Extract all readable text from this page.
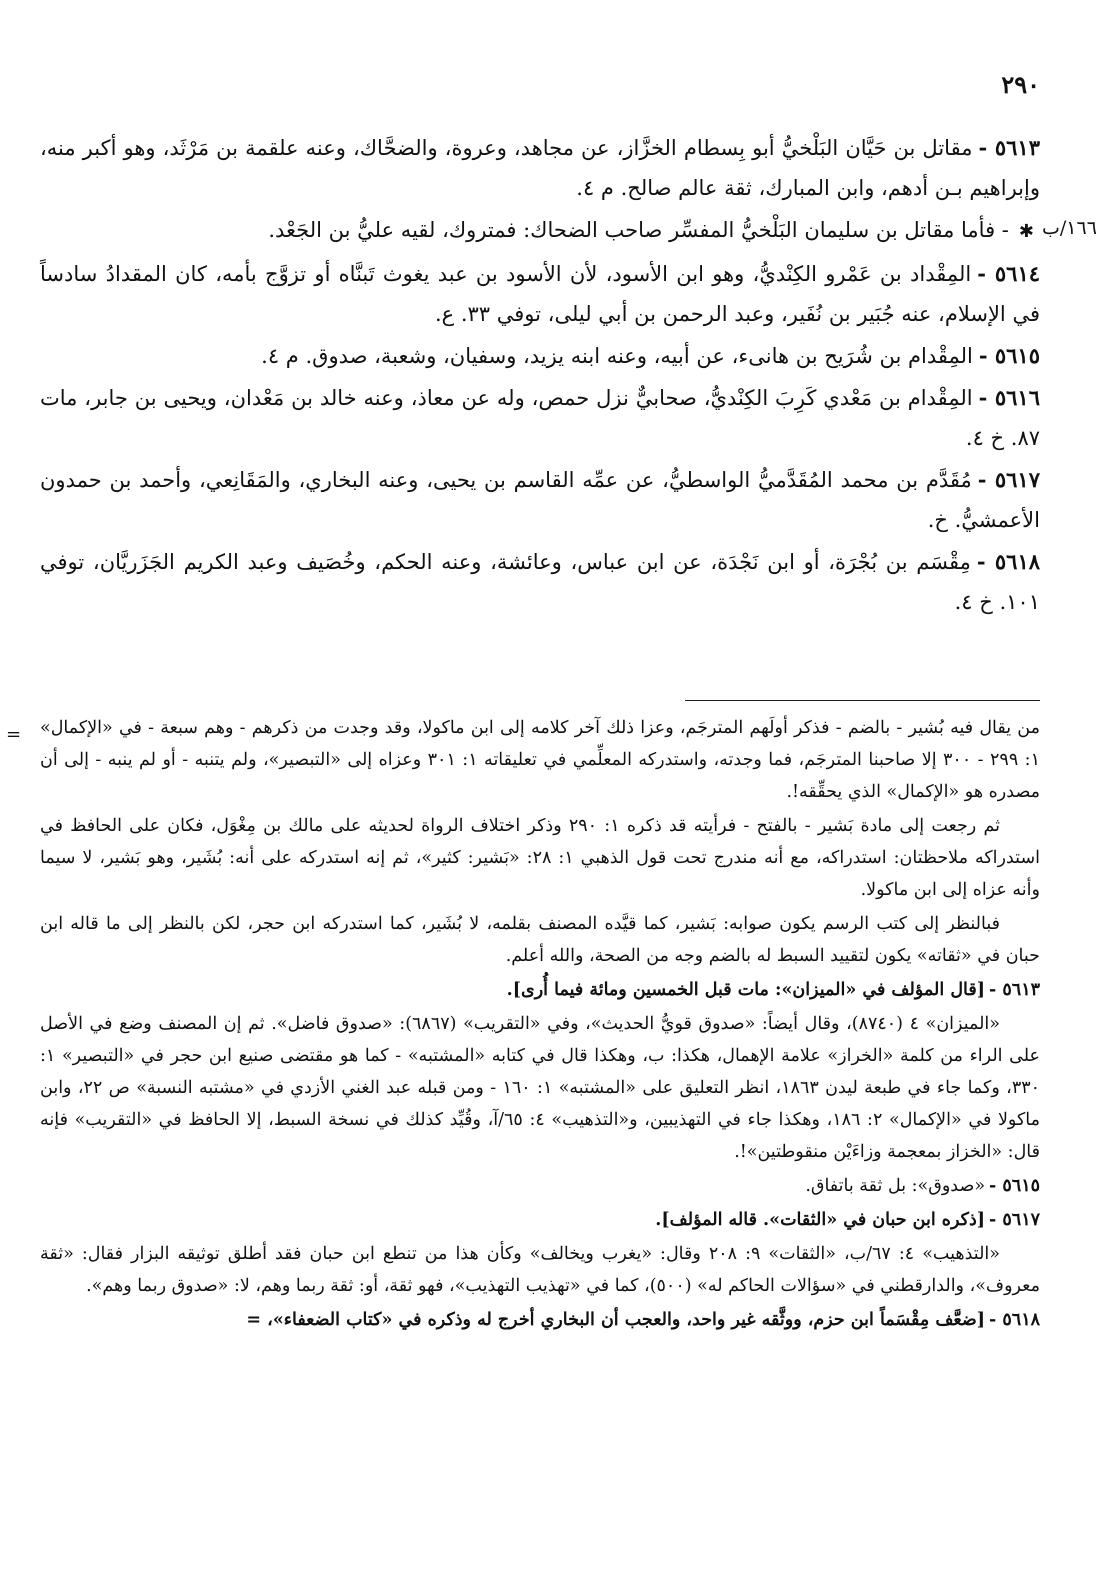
٢٩٠

٥٦١٣ -مقاتل بن حَيَّان البَلْخيُّ أبو بِسطام الخزَّاز، عن مجاهد، وعروة، والضحَّاك، وعنه علقمة بن مَرْثَد، وهو أكبر منه، وإبراهيم بـن أدهم، وابن المبارك، ثقة عالم صالح. م ٤.

✱- فأما مقاتل بن سليمان البَلْخيُّ المفسِّر صاحب الضحاك: فمتروك، لقيه عليُّ بن الجَعْد.

٥٦١٤ -المِقْداد بن عَمْرو الكِنْديُّ، وهو ابن الأسود، لأن الأسود بن عبد يغوث تَبنَّاه أو تزوَّج بأمه، كان المقدادُ سادساً في الإسلام، عنه جُبَير بن نُفَير، وعبد الرحمن بن أبي ليلى، توفي ٣٣. ع.

٥٦١٥ -المِقْدام بن شُرَيح بن هانىء، عن أبيه، وعنه ابنه يزيد، وسفيان، وشعبة، صدوق. م ٤.

٥٦١٦ -المِقْدام بن مَعْدي كَرِبَ الكِنْديُّ، صحابيٌّ نزل حمص، وله عن معاذ، وعنه خالد بن مَعْدان، ويحيى بن جابر، مات ٨٧. خ ٤.

٥٦١٧ -مُقَدَّم بن محمد المُقَدَّميُّ الواسطيُّ، عن عمِّه القاسم بن يحيى، وعنه البخاري، والمَقَانِعي، وأحمد بن حمدون الأعمشيُّ. خ.

٥٦١٨ -مِقْسَم بن بُجْرَة، أو ابن نَجْدَة، عن ابن عباس، وعائشة، وعنه الحكم، وخُصَيف وعبد الكريم الجَزَريَّان، توفي ١٠١. خ ٤.

من يقال فيه بُشير - بالضم - فذكر أولَهم المترجَم، وعزا ذلك آخر كلامه إلى ابن ماكولا، وقد وجدت من ذكرهم - وهم سبعة - في «الإكمال» ١: ٢٩٩ - ٣٠٠ إلا صاحبنا المترجَم، فما وجدته، واستدركه المعلِّمي في تعليقاته ١: ٣٠١ وعزاه إلى «التبصير»، ولم يتنبه - أو لم ينبه - إلى أن مصدره هو «الإكمال» الذي يحقِّقه!.

ثم رجعت إلى مادة بَشير - بالفتح - فرأيته قد ذكره ١: ٢٩٠ وذكر اختلاف الرواة لحديثه على مالك بن مِغْوَل، فكان على الحافظ في استدراكه ملاحظتان: استدراكه، مع أنه مندرج تحت قول الذهبي ١: ٢٨: «بَشير: كثير»، ثم إنه استدركه على أنه: بُشَير، وهو بَشير، لا سيما وأنه عزاه إلى ابن ماكولا.

فبالنظر إلى كتب الرسم يكون صوابه: بَشير، كما قيَّده المصنف بقلمه، لا بُشَير، كما استدركه ابن حجر، لكن بالنظر إلى ما قاله ابن حبان في «ثقاته» يكون لتقييد السبط له بالضم وجه من الصحة، والله أعلم.

٥٦١٣ -[قال المؤلف في «الميزان»: مات قبل الخمسين ومائة فيما أُرى].

«الميزان» ٤ (٨٧٤٠)، وقال أيضاً: «صدوق قويُّ الحديث»، وفي «التقريب» (٦٨٦٧): «صدوق فاضل». ثم إن المصنف وضع في الأصل على الراء من كلمة «الخراز» علامة الإهمال، هكذا: ب، وهكذا قال في كتابه «المشتبه» - كما هو مقتضى صنيع ابن حجر في «التبصير» ١: ٣٣٠، وكما جاء في طبعة ليدن ١٨٦٣، انظر التعليق على «المشتبه» ١: ١٦٠ - ومن قبله عبد الغني الأزدي في «مشتبه النسبة» ص ٢٢، وابن ماكولا في «الإكمال» ٢: ١٨٦، وهكذا جاء في التهذيبين، و«التذهيب» ٤: ٦٥/آ، وقُيِّد كذلك في نسخة السبط، إلا الحافظ في «التقريب» فإنه قال: «الخزاز بمعجمة وزاءَيْن منقوطتين»!.

٥٦١٥ -«صدوق»: بل ثقة باتفاق.

٥٦١٧ -[ذكره ابن حبان في «الثقات». قاله المؤلف].

«التذهيب» ٤: ٦٧/ب، «الثقات» ٩: ٢٠٨ وقال: «يغرب ويخالف» وكأن هذا من تنطع ابن حبان فقد أطلق توثيقه البزار فقال: «ثقة معروف»، والدارقطني في «سؤالات الحاكم له» (٥٠٠)، كما في «تهذيب التهذيب»، فهو ثقة، أو: ثقة ربما وهم، لا: «صدوق ربما وهم».

٥٦١٨ -[ضعَّف مِقْسَماً ابن حزم، ووثَّقه غير واحد، والعجب أن البخاري أخرج له وذكره في «كتاب الضعفاء»، =

=
١٦٦/ب
